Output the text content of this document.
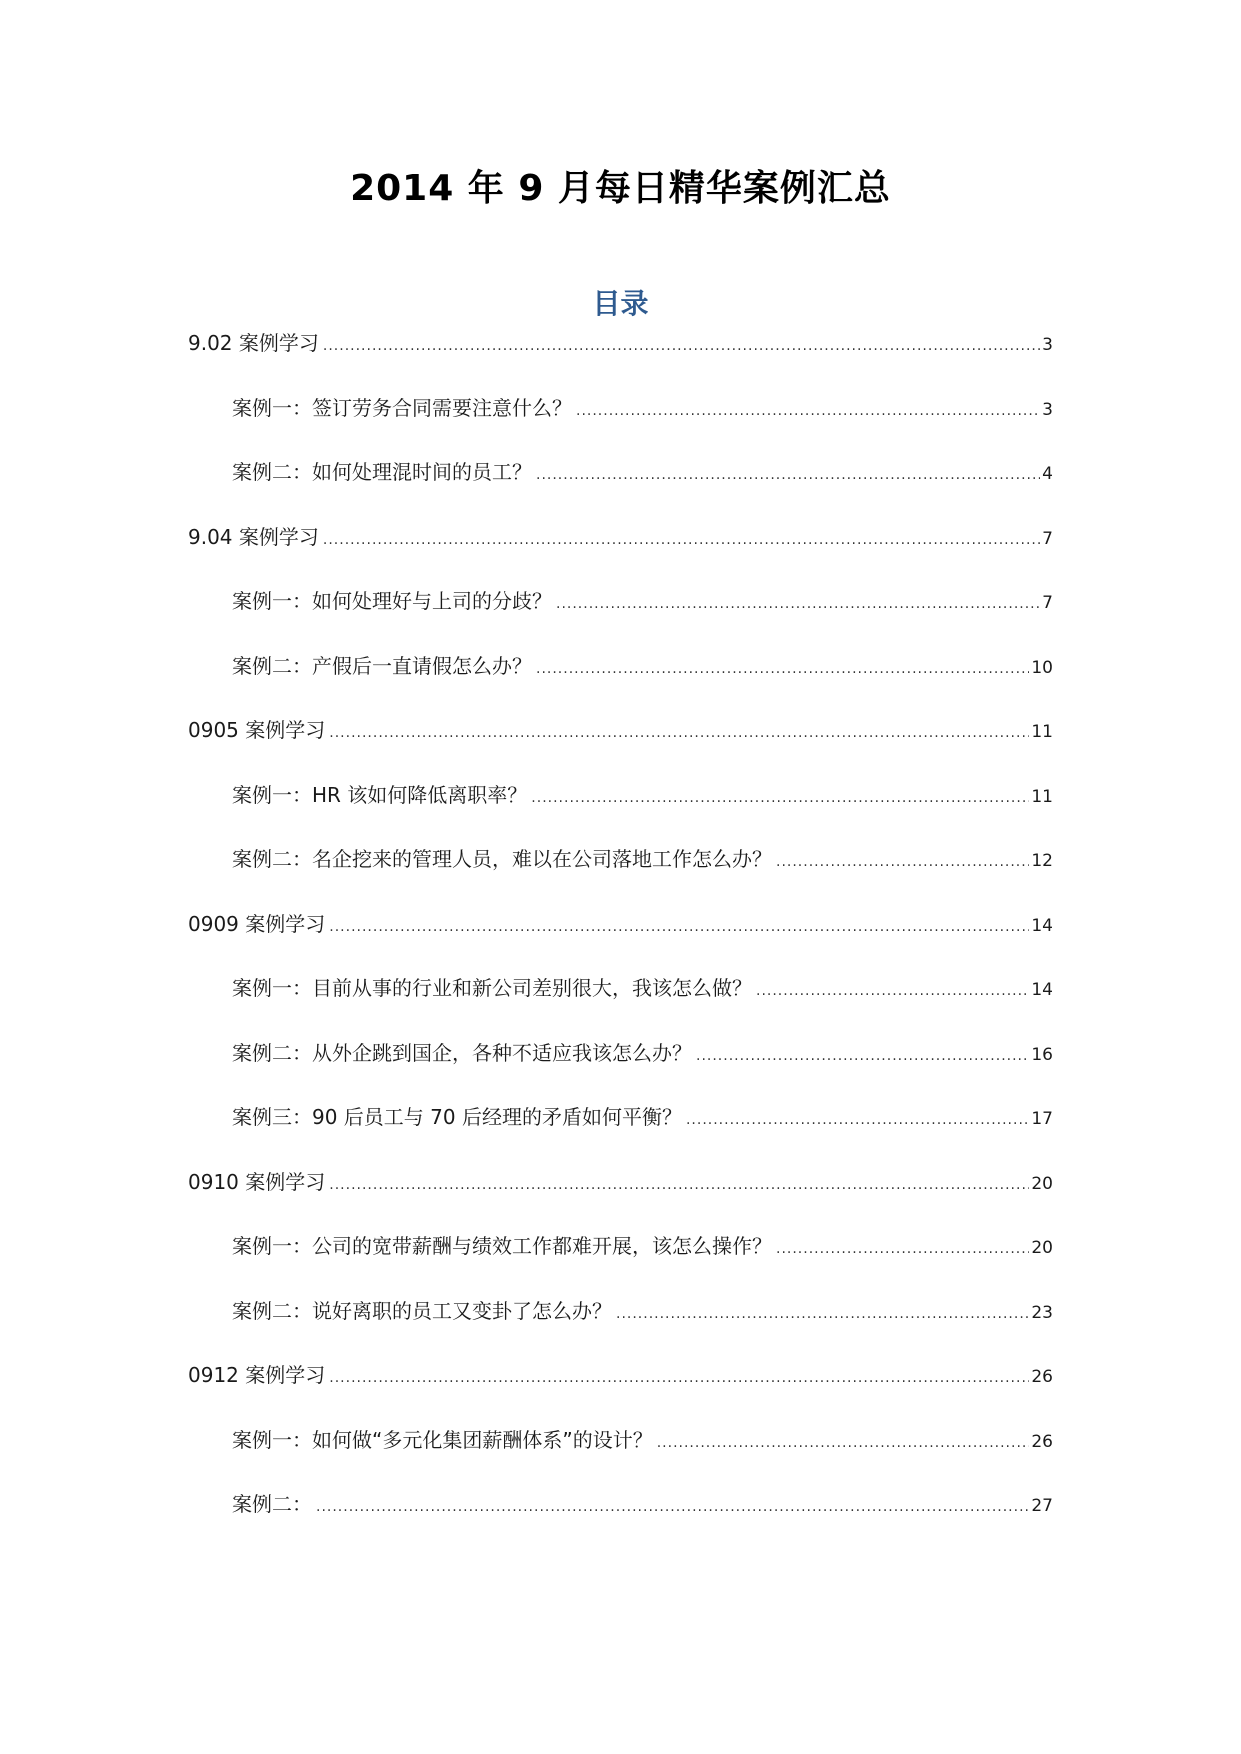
2014 年 9 月每日精华案例汇总
目录
9.02 案例学习 .....	3
案例一：签订劳务合同需要注意什么？ .....	3
案例二：如何处理混时间的员工？ .....	4
9.04 案例学习 .....	7
案例一：如何处理好与上司的分歧？ .....	7
案例二：产假后一直请假怎么办？ .....	10
0905 案例学习 .....	11
案例一：HR 该如何降低离职率？ .....	11
案例二：名企挖来的管理人员，难以在公司落地工作怎么办？ .....	12
0909 案例学习 .....	14
案例一：目前从事的行业和新公司差别很大，我该怎么做？ .....	14
案例二：从外企跳到国企，各种不适应我该怎么办？ .....	16
案例三：90 后员工与 70 后经理的矛盾如何平衡？ .....	17
0910 案例学习 .....	20
案例一：公司的宽带薪酬与绩效工作都难开展，该怎么操作？ .....	20
案例二：说好离职的员工又变卦了怎么办？ .....	23
0912 案例学习 .....	26
案例一：如何做“多元化集团薪酬体系”的设计？ .....	26
案例二： .....	27
